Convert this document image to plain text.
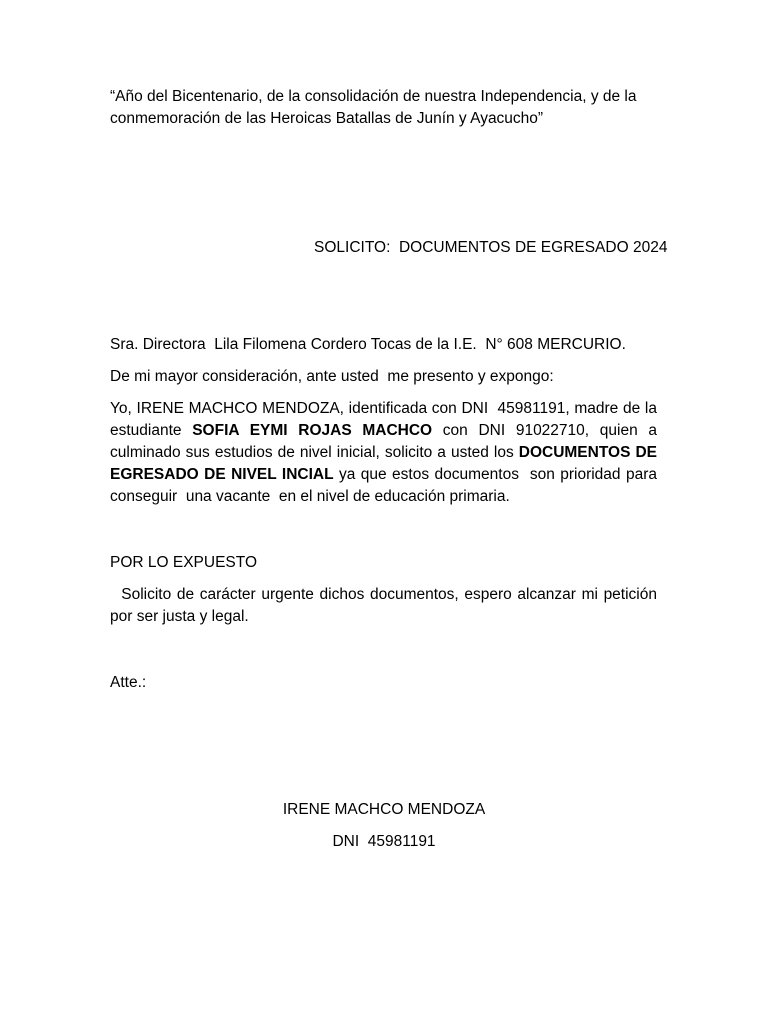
“Año del Bicentenario, de la consolidación de nuestra Independencia, y de la conmemoración de las Heroicas Batallas de Junín y Ayacucho”

SOLICITO:  DOCUMENTOS DE EGRESADO 2024

Sra. Directora  Lila Filomena Cordero Tocas de la I.E.  N° 608 MERCURIO.

De mi mayor consideración, ante usted  me presento y expongo:

Yo, IRENE MACHCO MENDOZA, identificada con DNI  45981191, madre de la estudiante SOFIA EYMI ROJAS MACHCO con DNI 91022710, quien a culminado sus estudios de nivel inicial, solicito a usted los DOCUMENTOS DE EGRESADO DE NIVEL INCIAL ya que estos documentos  son prioridad para conseguir  una vacante  en el nivel de educación primaria.

POR LO EXPUESTO

Solicito de carácter urgente dichos documentos, espero alcanzar mi petición por ser justa y legal.

Atte.:

IRENE MACHCO MENDOZA

DNI  45981191
